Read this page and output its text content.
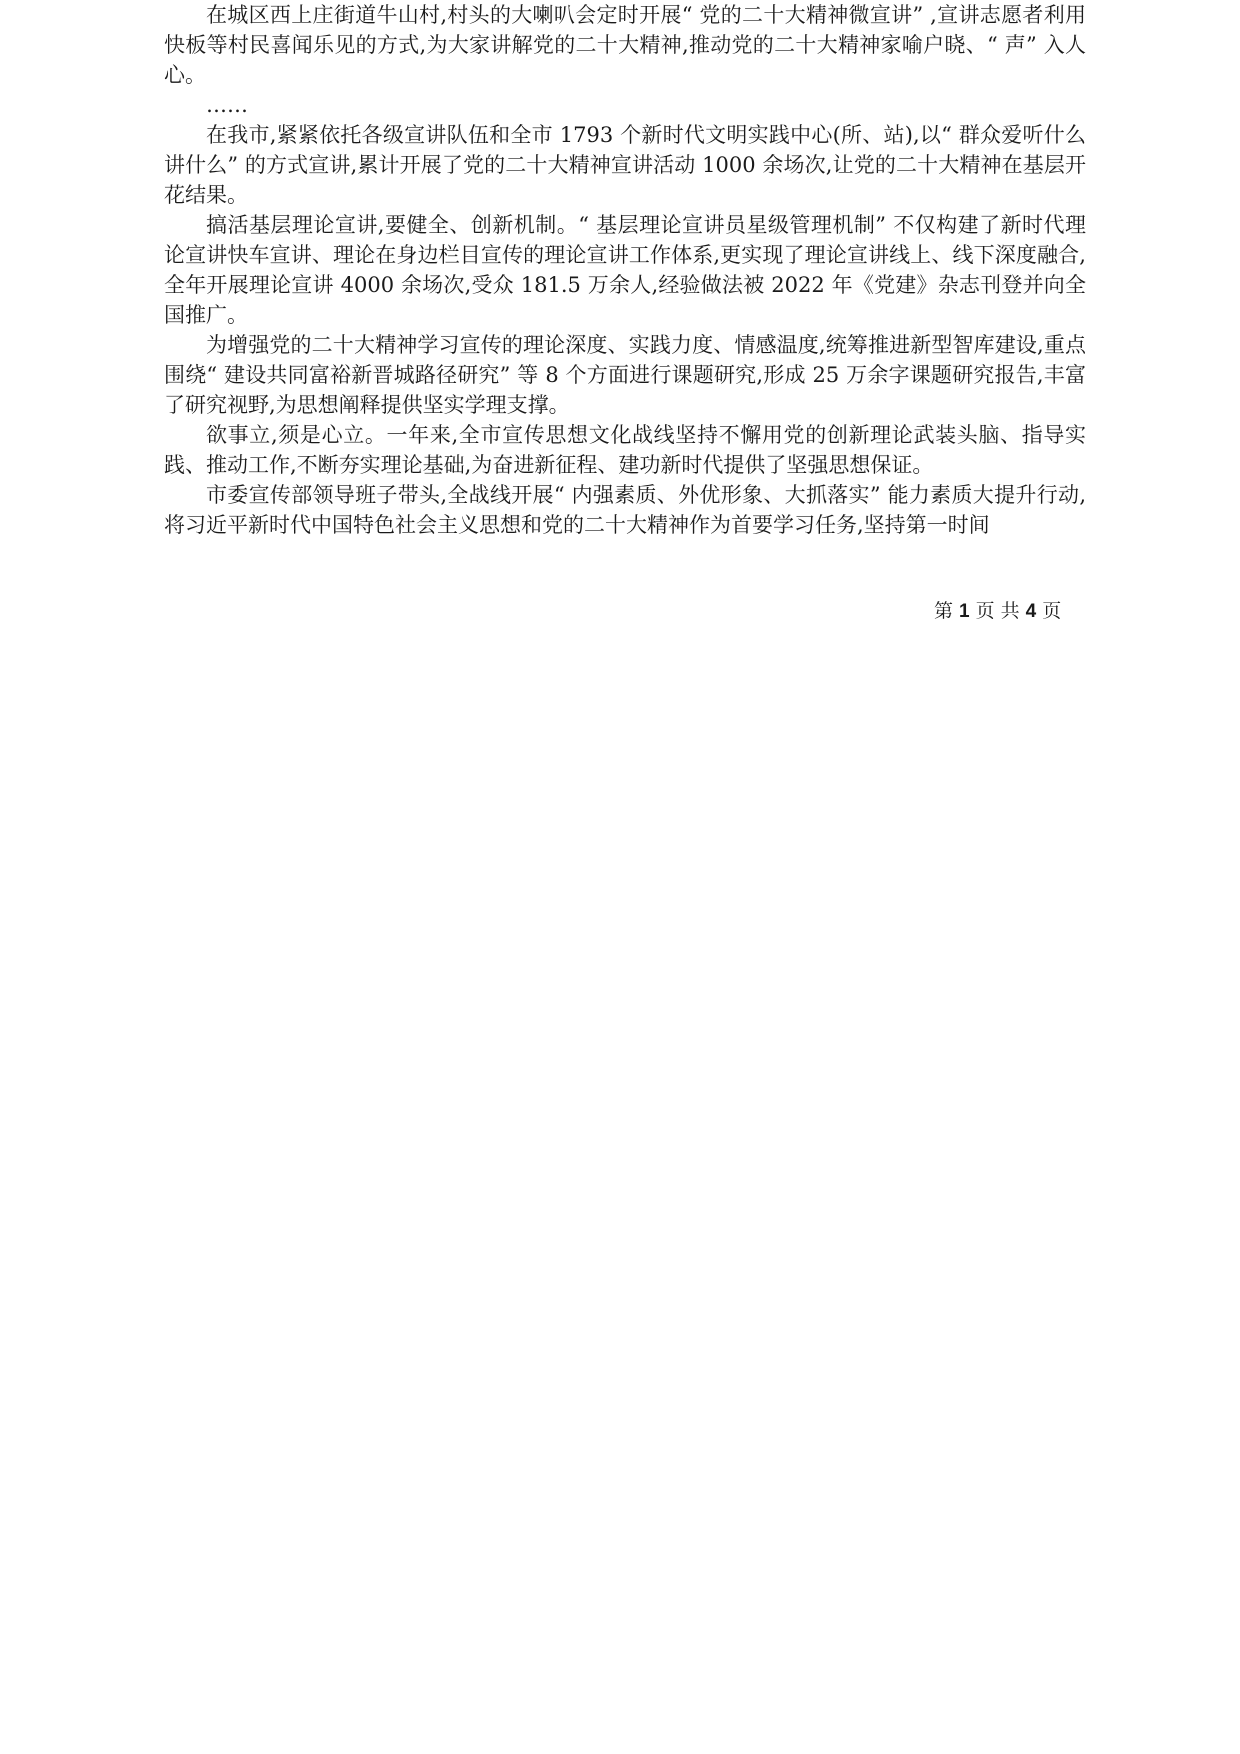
在城区西上庄街道牛山村,村头的大喇叭会定时开展“ 党的二十大精神微宣讲” ,宣讲志愿者利用快板等村民喜闻乐见的方式,为大家讲解党的二十大精神,推动党的二十大精神家喻户晓、“ 声” 入人心。

……

在我市,紧紧依托各级宣讲队伍和全市 1793 个新时代文明实践中心(所、站),以“ 群众爱听什么讲什么” 的方式宣讲,累计开展了党的二十大精神宣讲活动 1000 余场次,让党的二十大精神在基层开花结果。

搞活基层理论宣讲,要健全、创新机制。“ 基层理论宣讲员星级管理机制” 不仅构建了新时代理论宣讲快车宣讲、理论在身边栏目宣传的理论宣讲工作体系,更实现了理论宣讲线上、线下深度融合,全年开展理论宣讲 4000 余场次,受众 181.5 万余人,经验做法被 2022 年《党建》杂志刊登并向全国推广。

为增强党的二十大精神学习宣传的理论深度、实践力度、情感温度,统筹推进新型智库建设,重点围绕“ 建设共同富裕新晋城路径研究” 等 8 个方面进行课题研究,形成 25 万余字课题研究报告,丰富了研究视野,为思想阐释提供坚实学理支撑。

欲事立,须是心立。一年来,全市宣传思想文化战线坚持不懈用党的创新理论武装头脑、指导实践、推动工作,不断夯实理论基础,为奋进新征程、建功新时代提供了坚强思想保证。

市委宣传部领导班子带头,全战线开展“ 内强素质、外优形象、大抓落实” 能力素质大提升行动,将习近平新时代中国特色社会主义思想和党的二十大精神作为首要学习任务,坚持第一时间

第 1 页 共 4 页
